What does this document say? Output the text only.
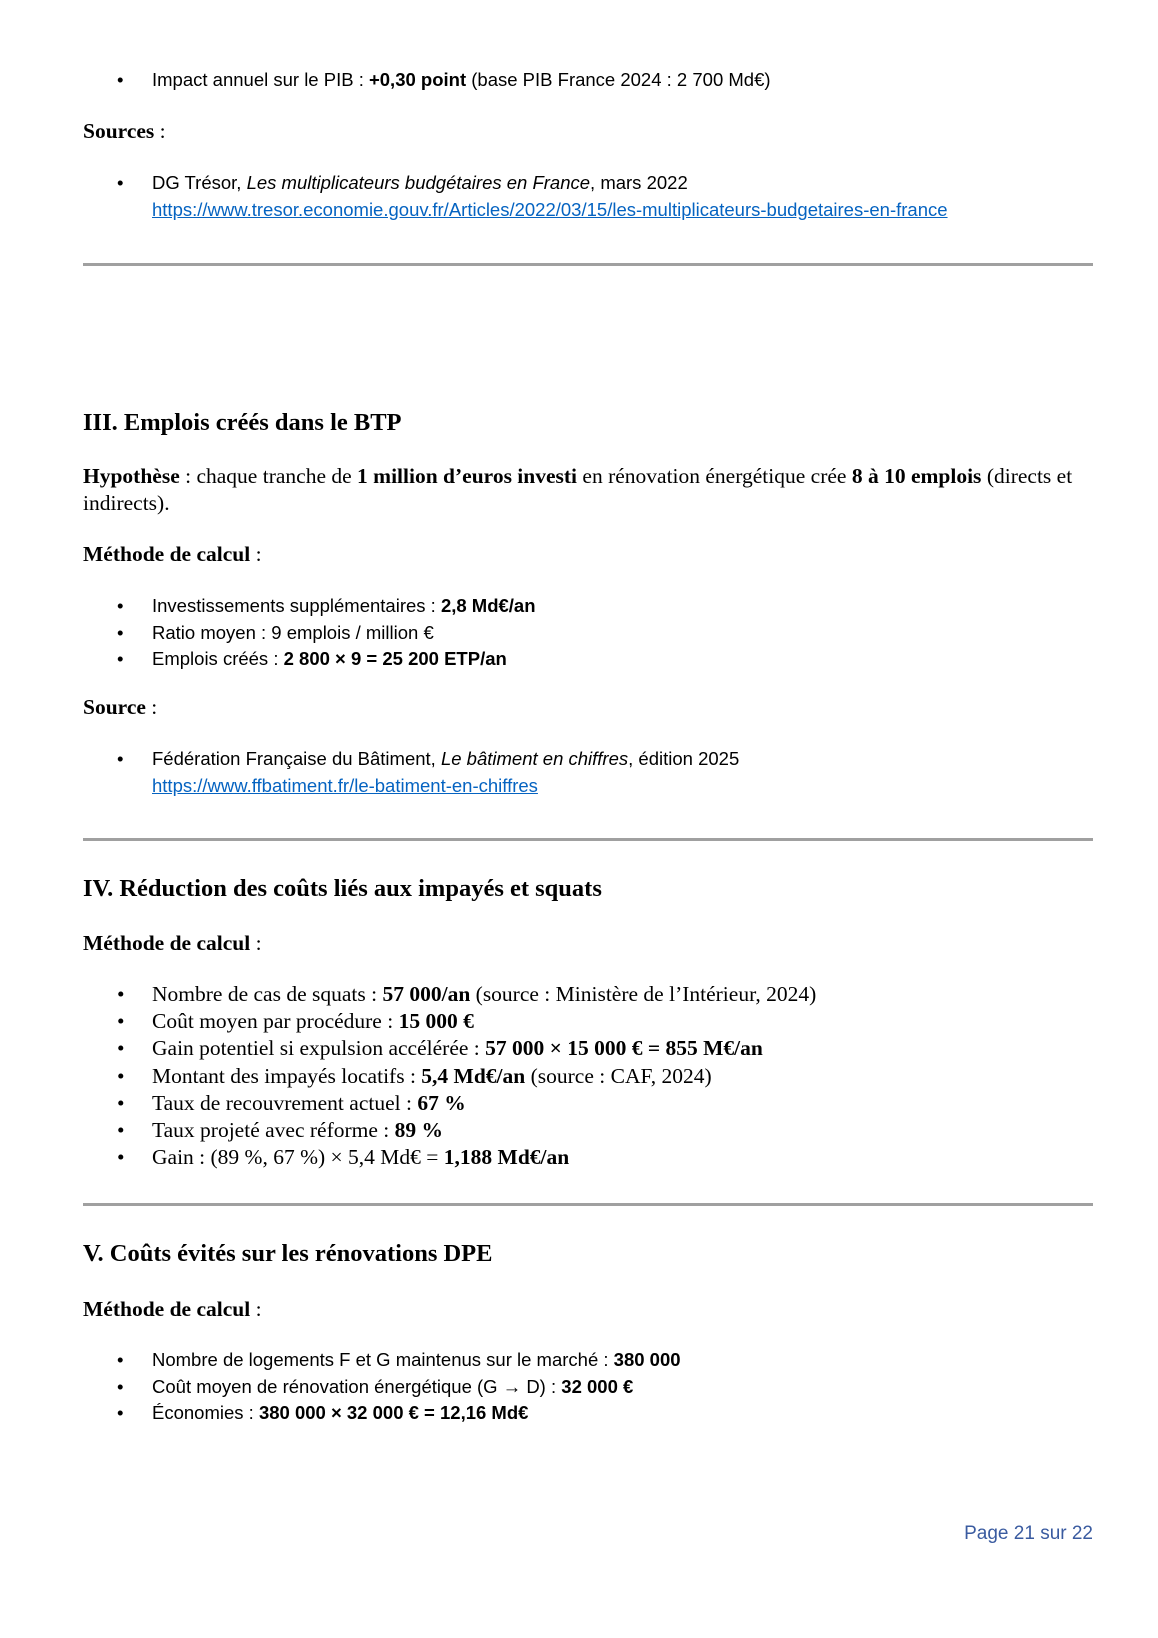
• Impact annuel sur le PIB : +0,30 point (base PIB France 2024 : 2 700 Md€)
Sources :
• DG Trésor, Les multiplicateurs budgétaires en France, mars 2022
https://www.tresor.economie.gouv.fr/Articles/2022/03/15/les-multiplicateurs-budgetaires-en-france
III. Emplois créés dans le BTP
Hypothèse : chaque tranche de 1 million d’euros investi en rénovation énergétique crée 8 à 10 emplois (directs et indirects).
Méthode de calcul :
• Investissements supplémentaires : 2,8 Md€/an
• Ratio moyen : 9 emplois / million €
• Emplois créés : 2 800 × 9 = 25 200 ETP/an
Source :
• Fédération Française du Bâtiment, Le bâtiment en chiffres, édition 2025
https://www.ffbatiment.fr/le-batiment-en-chiffres
IV. Réduction des coûts liés aux impayés et squats
Méthode de calcul :
• Nombre de cas de squats : 57 000/an (source : Ministère de l’Intérieur, 2024)
• Coût moyen par procédure : 15 000 €
• Gain potentiel si expulsion accélérée : 57 000 × 15 000 € = 855 M€/an
• Montant des impayés locatifs : 5,4 Md€/an (source : CAF, 2024)
• Taux de recouvrement actuel : 67 %
• Taux projeté avec réforme : 89 %
• Gain : (89 %, 67 %) × 5,4 Md€ = 1,188 Md€/an
V. Coûts évités sur les rénovations DPE
Méthode de calcul :
• Nombre de logements F et G maintenus sur le marché : 380 000
• Coût moyen de rénovation énergétique (G → D) : 32 000 €
• Économies : 380 000 × 32 000 € = 12,16 Md€
Page 21 sur 22
